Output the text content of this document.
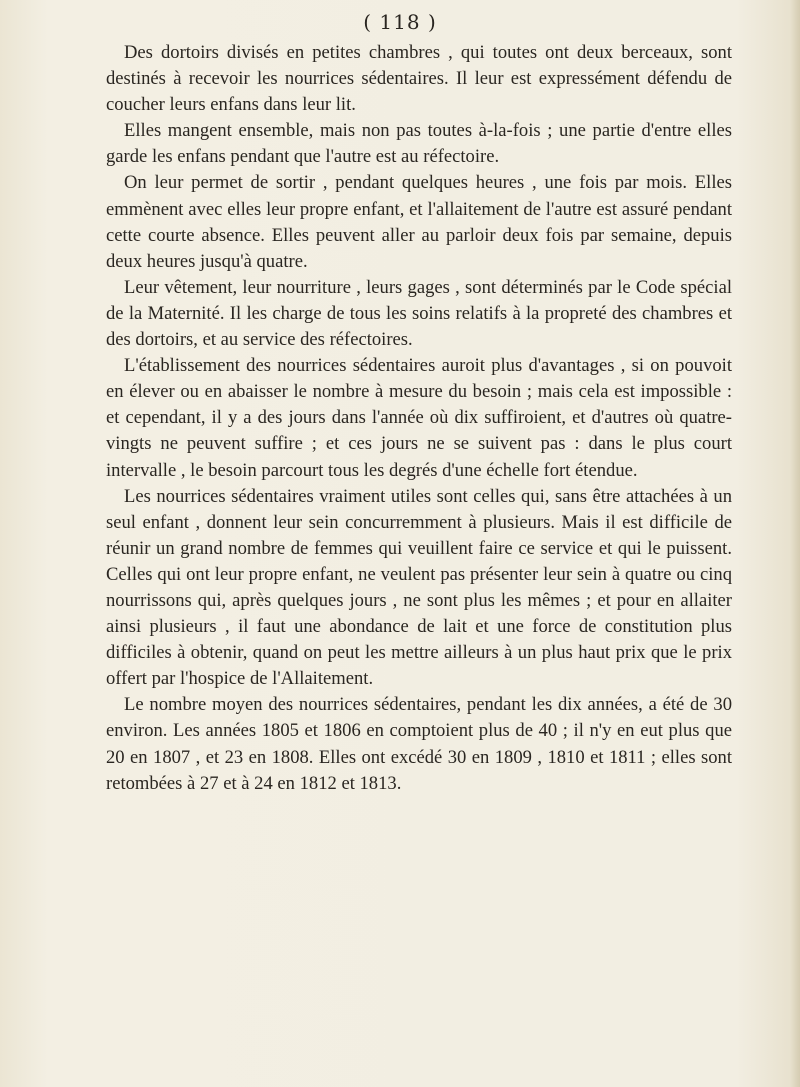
( 118 )

Des dortoirs divisés en petites chambres , qui toutes ont deux berceaux, sont destinés à recevoir les nourrices sédentaires. Il leur est expressément défendu de coucher leurs enfans dans leur lit.

Elles mangent ensemble, mais non pas toutes à-la-fois ; une partie d'entre elles garde les enfans pendant que l'autre est au réfectoire.

On leur permet de sortir , pendant quelques heures , une fois par mois. Elles emmènent avec elles leur propre enfant, et l'allaitement de l'autre est assuré pendant cette courte absence. Elles peuvent aller au parloir deux fois par semaine, depuis deux heures jusqu'à quatre.

Leur vêtement, leur nourriture , leurs gages , sont déterminés par le Code spécial de la Maternité. Il les charge de tous les soins relatifs à la propreté des chambres et des dortoirs, et au service des réfectoires.

L'établissement des nourrices sédentaires auroit plus d'avantages , si on pouvoit en élever ou en abaisser le nombre à mesure du besoin ; mais cela est impossible : et cependant, il y a des jours dans l'année où dix suffiroient, et d'autres où quatre-vingts ne peuvent suffire ; et ces jours ne se suivent pas : dans le plus court intervalle , le besoin parcourt tous les degrés d'une échelle fort étendue.

Les nourrices sédentaires vraiment utiles sont celles qui, sans être attachées à un seul enfant , donnent leur sein concurremment à plusieurs. Mais il est difficile de réunir un grand nombre de femmes qui veuillent faire ce service et qui le puissent. Celles qui ont leur propre enfant, ne veulent pas présenter leur sein à quatre ou cinq nourrissons qui, après quelques jours , ne sont plus les mêmes ; et pour en allaiter ainsi plusieurs , il faut une abondance de lait et une force de constitution plus difficiles à obtenir, quand on peut les mettre ailleurs à un plus haut prix que le prix offert par l'hospice de l'Allaitement.

Le nombre moyen des nourrices sédentaires, pendant les dix années, a été de 30 environ. Les années 1805 et 1806 en comptoient plus de 40 ; il n'y en eut plus que 20 en 1807 , et 23 en 1808. Elles ont excédé 30 en 1809 , 1810 et 1811 ; elles sont retombées à 27 et à 24 en 1812 et 1813.
